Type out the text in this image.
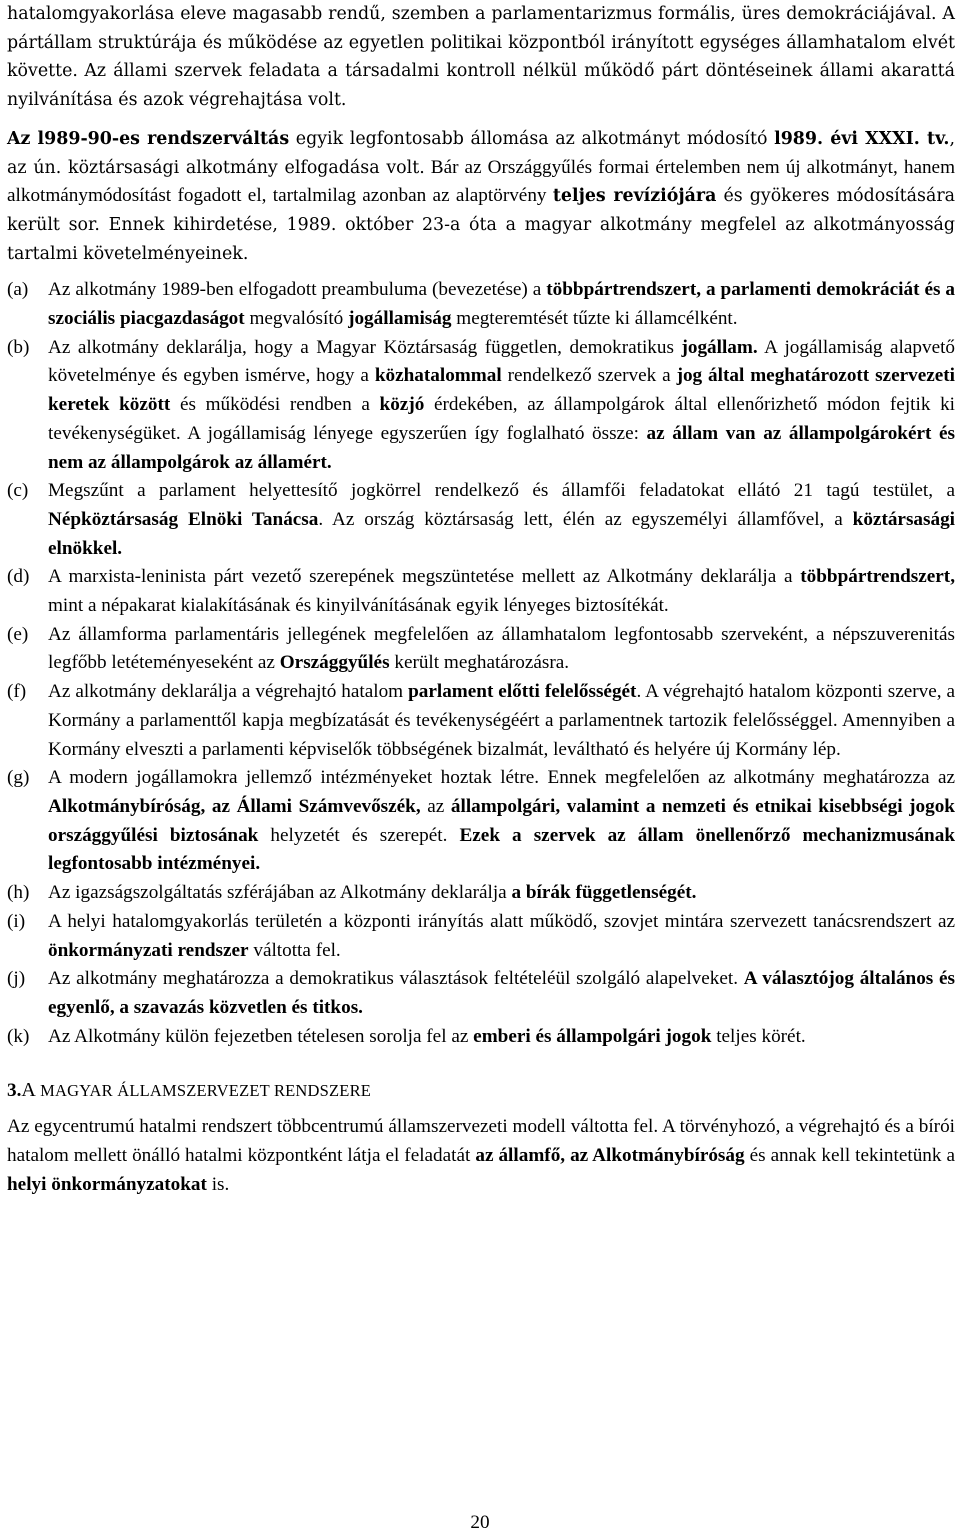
hatalomgyakorlása eleve magasabb rendű, szemben a parlamentarizmus formális, üres demokráciájával. A pártállam struktúrája és működése az egyetlen politikai központból irányított egységes államhatalom elvét követte. Az állami szervek feladata a társadalmi kontroll nélkül működő párt döntéseinek állami akarattá nyilvánítása és azok végrehajtása volt.

Az l989-90-es rendszerváltás egyik legfontosabb állomása az alkotmányt módosító l989. évi XXXI. tv., az ún. köztársasági alkotmány elfogadása volt. Bár az Országgyűlés formai értelemben nem új alkotmányt, hanem alkotmánymódosítást fogadott el, tartalmilag azonban az alaptörvény teljes revíziójára és gyökeres módosítására került sor. Ennek kihirdetése, 1989. október 23-a óta a magyar alkotmány megfelel az alkotmányosság tartalmi követelményeinek.

(a) Az alkotmány 1989-ben elfogadott preambuluma (bevezetése) a többpártrendszert, a parlamenti demokráciát és a szociális piacgazdaságot megvalósító jogállamiság megteremtését tűzte ki államcélként.
(b) Az alkotmány deklarálja, hogy a Magyar Köztársaság független, demokratikus jogállam. A jogállamiság alapvető követelménye és egyben ismérve, hogy a közhatalommal rendelkező szervek a jog által meghatározott szervezeti keretek között és működési rendben a közjó érdekében, az állampolgárok által ellenőrizhető módon fejtik ki tevékenységüket. A jogállamiság lényege egyszerűen így foglalható össze: az állam van az állampolgárokért és nem az állampolgárok az államért.
(c) Megszűnt a parlament helyettesítő jogkörrel rendelkező és államfői feladatokat ellátó 21 tagú testület, a Népköztársaság Elnöki Tanácsa. Az ország köztársaság lett, élén az egyszemélyi államfővel, a köztársasági elnökkel.
(d) A marxista-leninista párt vezető szerepének megszüntetése mellett az Alkotmány deklarálja a többpártrendszert, mint a népakarat kialakításának és kinyilvánításának egyik lényeges biztosítékát.
(e) Az államforma parlamentáris jellegének megfelelően az államhatalom legfontosabb szerveként, a népszuverenitás legfőbb letéteményeseként az Országgyűlés került meghatározásra.
(f) Az alkotmány deklarálja a végrehajtó hatalom parlament előtti felelősségét. A végrehajtó hatalom központi szerve, a Kormány a parlamenttől kapja megbízatását és tevékenységéért a parlamentnek tartozik felelősséggel. Amennyiben a Kormány elveszti a parlamenti képviselők többségének bizalmát, leváltható és helyére új Kormány lép.
(g) A modern jogállamokra jellemző intézményeket hoztak létre. Ennek megfelelően az alkotmány meghatározza az Alkotmánybíróság, az Állami Számvevőszék, az állampolgári, valamint a nemzeti és etnikai kisebbségi jogok országgyűlési biztosának helyzetét és szerepét. Ezek a szervek az állam önellenőrző mechanizmusának legfontosabb intézményei.
(h) Az igazságszolgáltatás szférájában az Alkotmány deklarálja a bírák függetlenségét.
(i) A helyi hatalomgyakorlás területén a központi irányítás alatt működő, szovjet mintára szervezett tanácsrendszert az önkormányzati rendszer váltotta fel.
(j) Az alkotmány meghatározza a demokratikus választások feltételéül szolgáló alapelveket. A választójog általános és egyenlő, a szavazás közvetlen és titkos.
(k) Az Alkotmány külön fejezetben tételesen sorolja fel az emberi és állampolgári jogok teljes körét.
3.A MAGYAR ÁLLAMSZERVEZET RENDSZERE

Az egycentrumú hatalmi rendszert többcentrumú államszervezeti modell váltotta fel. A törvényhozó, a végrehajtó és a bírói hatalom mellett önálló hatalmi központként látja el feladatát az államfő, az Alkotmánybíróság és annak kell tekintetünk a helyi önkormányzatokat is.

20
